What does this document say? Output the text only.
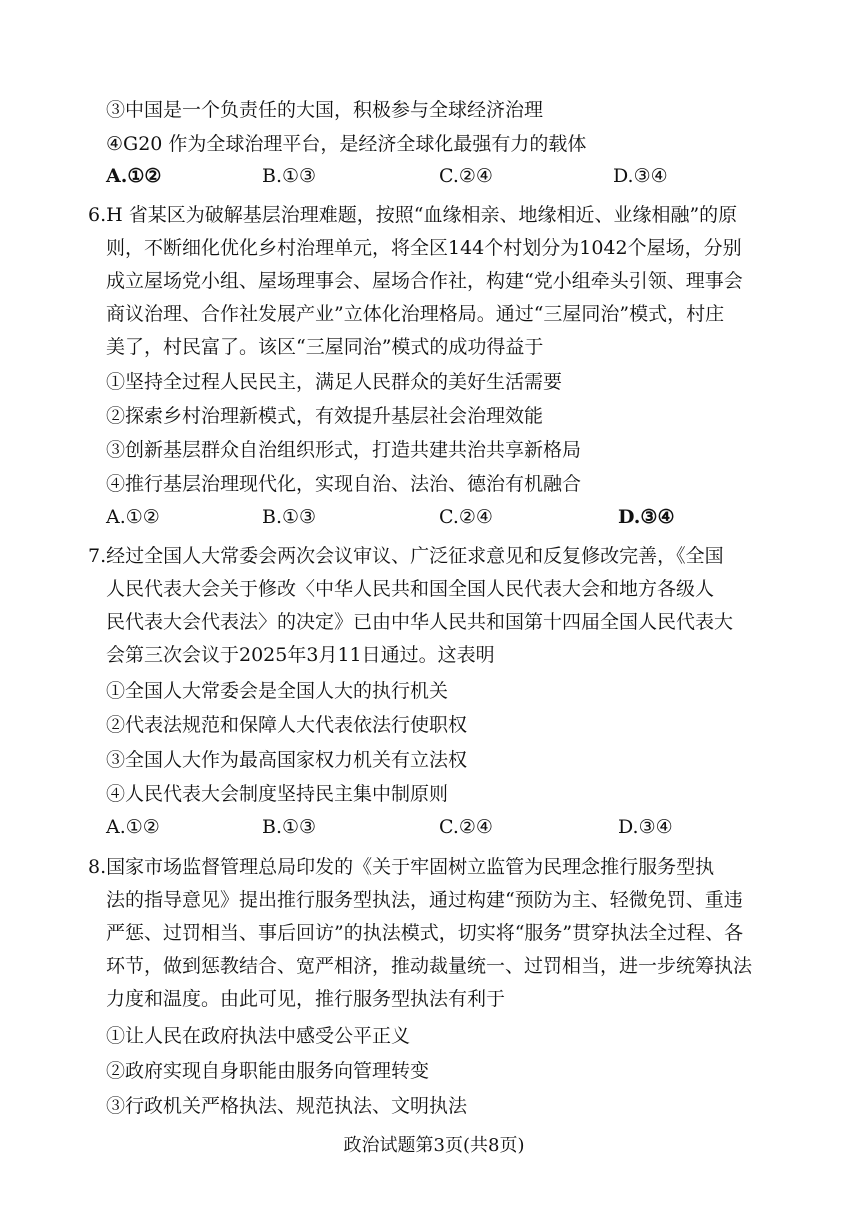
③中国是一个负责任的大国，积极参与全球经济治理
④G20 作为全球治理平台，是经济全球化最强有力的载体
A.①②	B.①③	C.②④	D.③④
6.H 省某区为破解基层治理难题，按照“血缘相亲、地缘相近、业缘相融”的原
则，不断细化优化乡村治理单元，将全区144个村划分为1042个屋场，分别
成立屋场党小组、屋场理事会、屋场合作社，构建“党小组牵头引领、理事会
商议治理、合作社发展产业”立体化治理格局。通过“三屋同治”模式，村庄
美了，村民富了。该区“三屋同治”模式的成功得益于
①坚持全过程人民民主，满足人民群众的美好生活需要
②探索乡村治理新模式，有效提升基层社会治理效能
③创新基层群众自治组织形式，打造共建共治共享新格局
④推行基层治理现代化，实现自治、法治、德治有机融合
A.①②	B.①③	C.②④	D.③④
7.经过全国人大常委会两次会议审议、广泛征求意见和反复修改完善，《全国
人民代表大会关于修改〈中华人民共和国全国人民代表大会和地方各级人
民代表大会代表法〉的决定》已由中华人民共和国第十四届全国人民代表大
会第三次会议于2025年3月11日通过。这表明
①全国人大常委会是全国人大的执行机关
②代表法规范和保障人大代表依法行使职权
③全国人大作为最高国家权力机关有立法权
④人民代表大会制度坚持民主集中制原则
A.①②	B.①③	C.②④	D.③④
8.国家市场监督管理总局印发的《关于牢固树立监管为民理念推行服务型执
法的指导意见》提出推行服务型执法，通过构建“预防为主、轻微免罚、重违
严惩、过罚相当、事后回访”的执法模式，切实将“服务”贯穿执法全过程、各
环节，做到惩教结合、宽严相济，推动裁量统一、过罚相当，进一步统筹执法
力度和温度。由此可见，推行服务型执法有利于
①让人民在政府执法中感受公平正义
②政府实现自身职能由服务向管理转变
③行政机关严格执法、规范执法、文明执法
政治试题第3页(共8页)
